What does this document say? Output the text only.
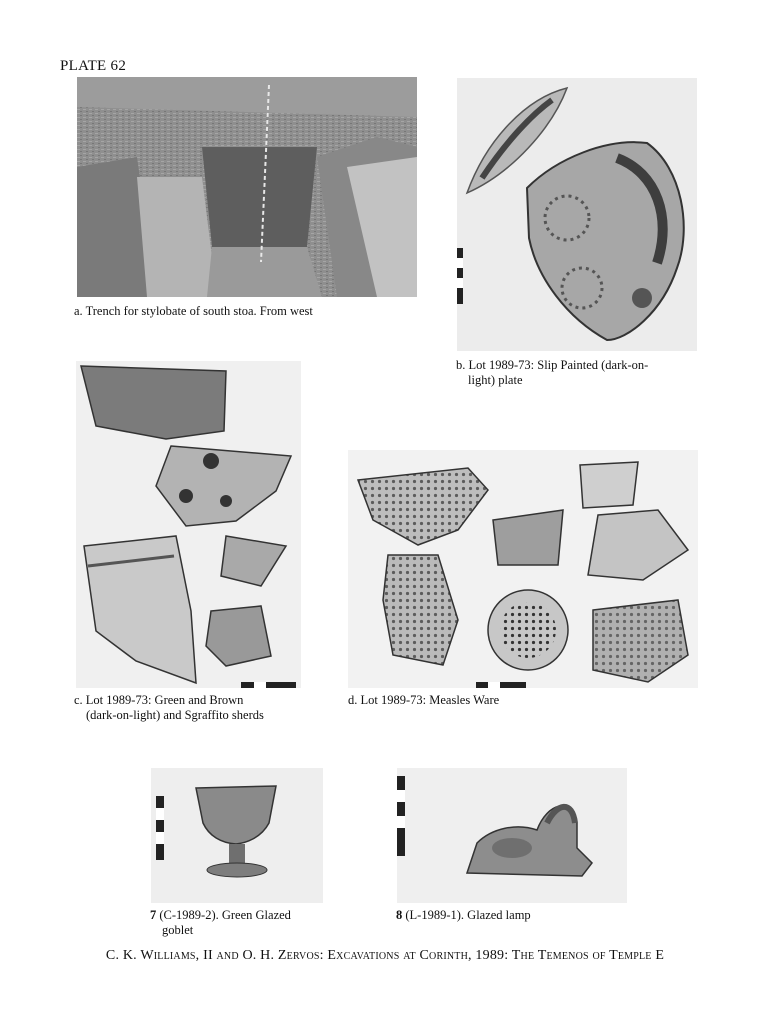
PLATE 62
a. Trench for stylobate of south stoa. From west
b. Lot 1989-73: Slip Painted (dark-on-
light) plate
c. Lot 1989-73: Green and Brown
(dark-on-light) and Sgraffito sherds
d. Lot 1989-73: Measles Ware
7 (C-1989-2). Green Glazed
goblet
8 (L-1989-1). Glazed lamp
C. K. Williams, II and O. H. Zervos: Excavations at Corinth, 1989: The Temenos of Temple E
